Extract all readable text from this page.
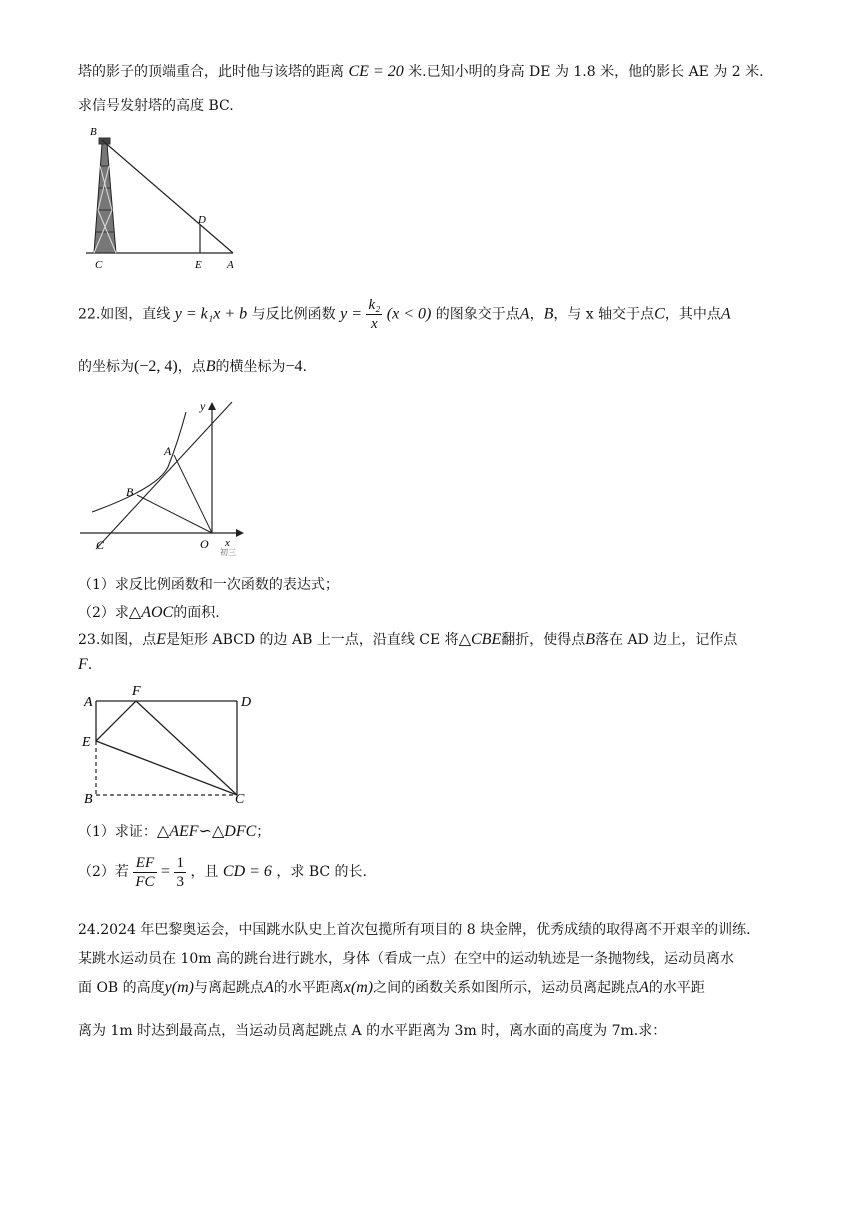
塔的影子的顶端重合，此时他与该塔的距离 CE = 20 米.已知小明的身高 DE 为 1.8 米，他的影长 AE 为 2 米.
求信号发射塔的高度 BC.
B
D
C	E A
22.如图，直线 y = k₁x + b 与反比例函数 $y = \frac{\text{k₂}}{x} (x < 0)$ 的图象交于点A，B，与 x 轴交于点C，其中点A
的坐标为(−2, 4)，点B的横坐标为−4.
y
A
B
C	O x
初三
（1）求反比例函数和一次函数的表达式；
（2）求△AOC的面积.
23.如图，点E是矩形 ABCD 的边 AB 上一点，沿直线 CE 将△CBE翻折，使得点B落在 AD 边上，记作点
F.
A
F
D
E
B	C
（1）求证：△AEF∽△DFC；
（2）若 $\frac{EF}{FC} = \frac{1}{3}$ ，且 CD = 6 ，求 BC 的长.
24.2024 年巴黎奥运会，中国跳水队史上首次包揽所有项目的 8 块金牌，优秀成绩的取得离不开艰辛的训练.
某跳水运动员在 10m 高的跳台进行跳水，身体（看成一点）在空中的运动轨迹是一条抛物线，运动员离水
面 OB 的高度y(m)与离起跳点A的水平距离x(m)之间的函数关系如图所示，运动员离起跳点A的水平距
离为 1m 时达到最高点，当运动员离起跳点 A 的水平距离为 3m 时，离水面的高度为 7m.求：
